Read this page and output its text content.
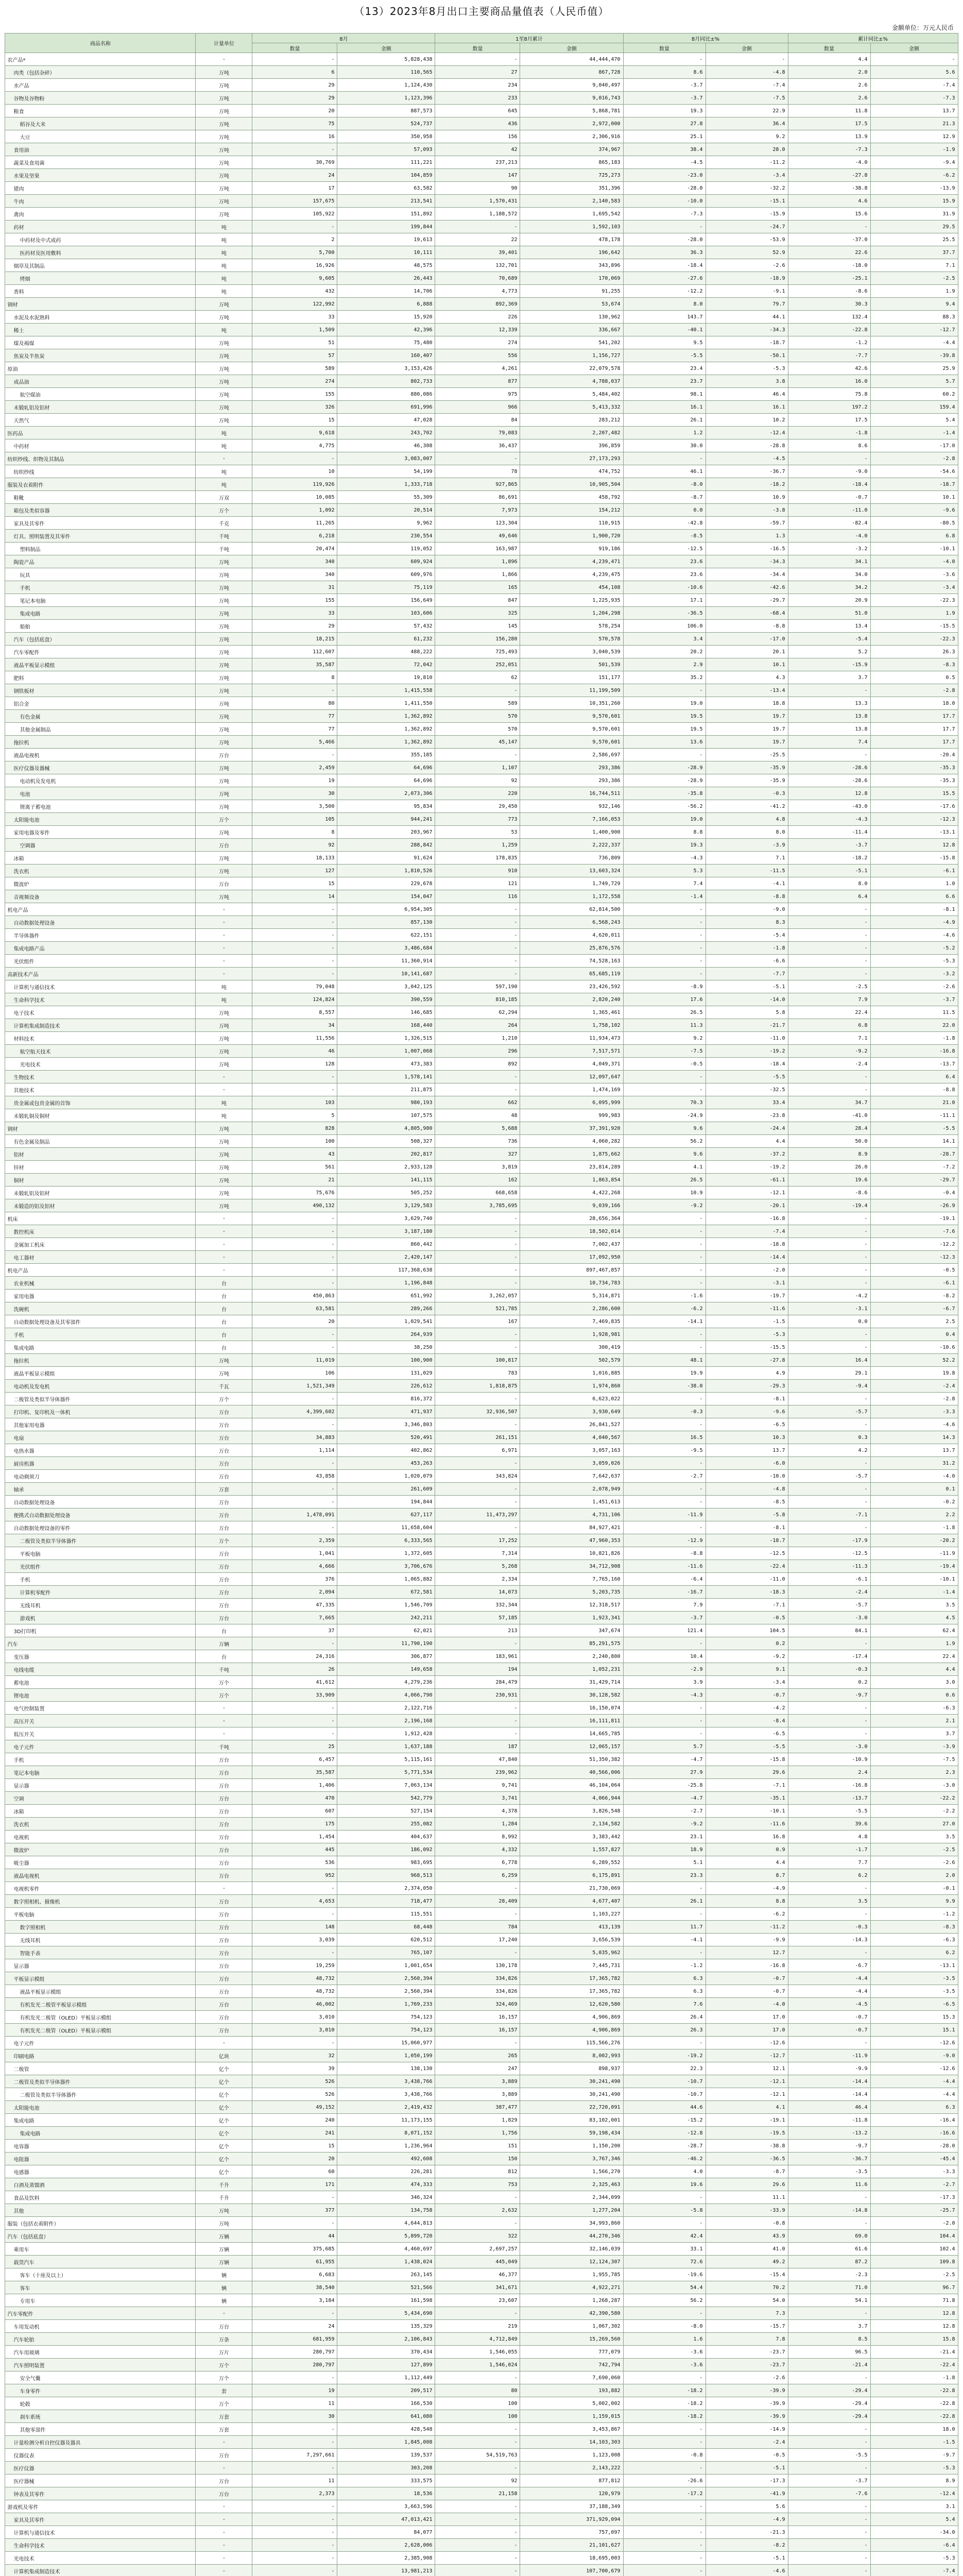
（13）2023年8月出口主要商品量值表（人民币值）
金额单位：万元人民币
商品名称	计量单位	8月		1至8月累计		8月同比±%		累计同比±%	
		数量	金额	数量	金额	数量	金额	数量	金额
农产品*	-	-	5,828,438	-	44,444,470	-	-	4.4	-
肉类（包括杂碎）	万吨	6	110,565	27	867,728	8.6	-4.8	2.0	5.6
水产品	万吨	29	1,124,430	234	9,040,497	-3.7	-7.4	2.6	-7.4
谷物及谷物粉	万吨	29	1,123,396	233	9,016,743	-3.7	-7.5	2.6	-7.3
粮食	万吨	20	887,573	645	5,868,781	19.3	22.9	11.8	13.7
稻谷及大米	万吨	75	524,737	436	2,972,000	27.8	36.4	17.5	21.3
大豆	万吨	16	350,958	156	2,306,916	25.1	9.2	13.9	12.9
食用油	万吨	-	57,093	42	374,967	38.4	28.0	-7.3	-1.9
蔬菜及食用菌	万吨	30,769	111,221	237,213	865,183	-4.5	-11.2	-4.0	-9.4
水果及坚果	万吨	24	104,859	147	725,273	-23.0	-3.4	-27.8	-6.2
猪肉	万吨	17	63,582	90	351,396	-28.0	-32.2	-38.8	-13.9
牛肉	万吨	157,675	213,541	1,570,431	2,140,583	-10.0	-15.1	4.6	15.9
禽肉	万吨	105,922	151,892	1,188,572	1,695,542	-7.3	-15.9	15.6	31.9
药材	吨	-	199,844	-	1,592,103	-	-24.7	-	29.5
中药材及中式成药	吨	2	19,613	22	478,178	-28.0	-53.9	-37.0	25.5
医药材及医用敷料	吨	5,700	10,111	39,401	196,642	36.3	52.9	22.6	37.7
烟草及其制品	吨	16,926	48,575	132,701	343,896	-18.4	-2.6	-18.0	7.1
烤烟	吨	9,605	26,443	70,689	170,069	-27.6	-18.9	-25.1	-2.5
香料	吨	432	14,706	4,773	91,255	-12.2	-9.1	-8.6	1.9
钢材	万吨	122,992	6,888	892,369	53,674	8.0	79.7	30.3	9.4
水泥及水泥熟料	万吨	33	15,920	226	130,962	143.7	44.1	132.4	88.3
稀土	吨	1,509	42,396	12,339	336,667	-40.1	-34.3	-22.8	-12.7
煤及褐煤	万吨	51	75,480	274	541,202	9.5	-18.7	-1.2	-4.4
焦炭及半焦炭	万吨	57	160,407	556	1,156,727	-5.5	-50.1	-7.7	-39.8
原油	万吨	589	3,153,426	4,261	22,079,578	23.4	-5.3	42.6	25.9
成品油	万吨	274	802,733	877	4,788,037	23.7	3.8	16.0	5.7
航空煤油	万吨	155	880,086	975	5,484,402	98.1	46.4	75.8	60.2
未锻轧铝及铝材	万吨	326	691,996	966	5,413,332	16.1	16.1	197.2	159.4
天然气	万吨	15	47,028	84	283,212	26.1	10.2	17.5	5.4
医药品	吨	9,618	243,702	79,083	2,207,482	1.2	-12.4	-1.8	-1.4
中药材	吨	4,775	46,308	36,437	396,859	30.0	-28.8	8.6	-17.0
纺织纱线、织物及其制品	-	-	3,083,007	-	27,173,293	-	-4.5	-	-2.8
纺织纱线	吨	10	54,199	78	474,752	46.1	-36.7	-9.0	-54.6
服装及衣着附件	吨	119,926	1,333,718	927,865	10,905,504	-8.0	-18.2	-18.4	-18.7
鞋靴	万双	10,085	55,309	86,691	458,792	-8.7	10.9	-0.7	10.1
箱包及类似容器	万个	1,092	20,514	7,973	154,212	0.0	-3.8	-11.0	-9.6
家具及其零件	千克	11,265	9,962	123,304	110,915	-42.8	-59.7	-82.4	-80.5
灯具、照明装置及其零件	千吨	6,218	230,554	49,646	1,900,720	-8.5	1.3	-4.0	6.8
塑料制品	千吨	20,474	119,052	163,987	919,186	-12.5	-16.5	-3.2	-10.1
陶瓷产品	万吨	340	609,924	1,896	4,239,471	23.6	-34.3	34.1	-4.0
玩具	万吨	340	609,976	1,866	4,239,475	23.6	-34.4	34.0	-3.6
手机	万吨	31	75,119	165	454,108	-10.6	-42.6	34.2	-3.4
笔记本电脑	万吨	155	156,649	847	1,225,935	17.1	-29.7	20.9	-22.3
集成电路	万吨	33	103,606	325	1,204,298	-36.5	-68.4	51.0	1.9
船舶	万吨	29	57,432	145	578,254	106.0	-8.8	13.4	-15.5
汽车（包括底盘）	万吨	18,215	61,232	156,280	570,578	3.4	-17.0	-5.4	-22.3
汽车零配件	万吨	112,607	488,222	725,493	3,040,539	20.2	20.1	5.2	26.3
液晶平板显示模组	万吨	35,587	72,042	252,051	501,539	2.9	10.1	-15.9	-8.3
肥料	万吨	8	19,810	62	151,177	35.2	4.3	3.7	0.5
钢铁板材	万吨	-	1,415,558	-	11,199,509	-	-13.4	-	-2.8
铝合金	万吨	80	1,411,550	589	10,351,260	19.0	18.8	13.3	18.0
有色金属	万吨	77	1,362,892	570	9,570,601	19.5	19.7	13.8	17.7
其他金属制品	万吨	77	1,362,892	570	9,570,601	19.5	19.7	13.8	17.7
拖拉机	万吨	5,466	1,362,892	45,147	9,570,601	13.6	19.7	7.4	17.7
液晶电视机	万台	-	355,185	-	2,586,697	-	-25.5	-	-20.4
医疗仪器及器械	万吨	2,459	64,696	1,107	293,386	-28.9	-35.9	-28.6	-35.3
电动机及发电机	万吨	19	64,696	92	293,386	-28.9	-35.9	-28.6	-35.3
电池	万吨	30	2,073,306	220	16,744,511	-35.8	-0.3	12.8	15.5
锂离子蓄电池	万吨	3,500	95,834	29,450	932,146	-56.2	-41.2	-43.0	-17.6
太阳能电池	万个	105	944,241	773	7,166,053	19.0	4.8	-4.3	-12.3
家用电器及零件	万吨	8	203,967	53	1,400,900	8.8	8.0	-11.4	-13.1
空调器	万台	92	288,842	1,259	2,222,337	19.3	-3.9	-3.7	12.8
冰箱	万吨	18,133	91,624	178,835	736,809	-4.3	7.1	-18.2	-15.8
洗衣机	万吨	127	1,810,526	910	13,603,324	5.3	-11.5	-5.1	-6.1
微波炉	万台	15	229,678	121	1,749,729	7.4	-4.1	8.0	1.0
音视频设备	万吨	14	154,047	116	1,172,558	-1.4	-8.8	6.4	6.6
机电产品	-	-	6,954,305	-	62,814,500	-	-9.0	-	-8.1
自动数据处理设备	-	-	857,130	-	6,568,243	-	8.3	-	-4.9
半导体器件	-	-	622,151	-	4,620,011	-	-5.4	-	-4.6
集成电路产品	-	-	3,486,684	-	25,876,576	-	-1.8	-	-5.2
光伏组件	-	-	11,360,914	-	74,528,163	-	-6.6	-	-5.3
高新技术产品	-	-	10,141,687	-	65,685,119	-	-7.7	-	-3.2
计算机与通信技术	吨	79,048	3,042,125	597,190	23,426,592	-8.9	-5.1	-2.5	-2.6
生命科学技术	吨	124,824	390,559	810,185	2,820,240	17.6	-14.0	7.9	-3.7
电子技术	万吨	8,557	146,685	62,294	1,365,461	26.5	5.8	22.4	11.5
计算机集成制造技术	万吨	34	168,440	264	1,758,102	11.3	-21.7	6.8	22.0
材料技术	万吨	11,556	1,326,515	1,210	11,934,473	9.2	-11.0	7.1	-1.8
航空航天技术	万吨	46	1,007,068	296	7,517,571	-7.5	-19.2	-9.2	-16.8
光电技术	万吨	128	473,383	892	4,049,371	-0.5	-18.4	-2.4	-13.7
生物技术	-	-	1,578,141	-	12,097,647	-	-5.5	-	6.4
其他技术	-	-	211,875	-	1,474,169	-	-32.5	-	-8.8
贵金属或包贵金属的首饰	吨	103	980,193	662	6,095,999	70.3	33.4	34.7	21.0
未锻轧铜及铜材	吨	5	107,575	48	999,983	-24.9	-23.8	-41.0	-11.1
钢材	万吨	828	4,805,980	5,688	37,391,920	9.6	-24.4	28.4	-5.5
有色金属及制品	万吨	100	508,327	736	4,060,282	56.2	4.4	50.0	14.1
铝材	万吨	43	202,817	327	1,875,662	9.6	-37.2	8.9	-28.7
锌材	万吨	561	2,933,128	3,819	23,814,289	4.1	-19.2	26.0	-7.2
铜材	万吨	21	141,115	162	1,863,854	26.5	-61.1	19.6	-29.7
未锻轧铝及铝材	万吨	75,676	505,252	668,658	4,422,268	10.9	-12.1	-8.6	-0.4
未锻造的铝及铝材	万吨	490,132	3,129,583	3,785,695	9,039,166	-9.2	-20.1	-19.4	-26.9
机床	-	-	3,629,740	-	28,656,364	-	-16.8	-	-19.1
数控机床	-	-	3,187,180	-	18,502,014	-	-7.4	-	-7.6
金属加工机床	-	-	860,442	-	7,002,437	-	-18.8	-	-12.2
电工器材	-	-	2,420,147	-	17,092,950	-	-14.4	-	-12.3
机电产品	-	-	117,368,638	-	897,467,857	-	-2.0	-	-0.5
农业机械	台	-	1,196,848	-	10,734,783	-	-3.1	-	-6.1
家用电器	台	450,863	651,992	3,262,057	5,314,871	-1.6	-19.7	-4.2	-8.2
洗碗机	台	63,581	289,266	521,785	2,286,600	-6.2	-11.6	-3.1	-6.7
自动数据处理设备及其零部件	台	20	1,029,541	167	7,469,835	-14.1	-1.5	0.0	2.5
手机	台	-	264,939	-	1,928,981	-	-5.3	-	0.4
集成电路	台	-	38,250	-	300,419	-	-15.5	-	-10.6
拖拉机	万吨	11,019	100,900	100,817	502,579	48.1	-27.8	16.4	52.2
液晶平板显示模组	万吨	106	131,029	783	1,016,885	19.9	4.9	29.1	19.8
电动机及发电机	千瓦	1,521,349	226,612	1,818,875	1,974,860	-38.0	-29.3	-9.4	-2.4
二极管及类似半导体器件	万个	-	816,372	-	6,623,022	-	-8.1	-	-2.8
打印机、复印机及一体机	万台	4,399,602	471,937	32,936,507	3,930,649	-0.3	-9.6	-5.7	-3.3
其他家用电器	万台	-	3,346,803	-	26,841,527	-	-6.5	-	-4.6
电扇	万台	34,883	520,491	261,151	4,040,567	16.5	10.3	0.3	14.3
电热水器	万台	1,114	402,862	6,971	3,057,163	-9.5	13.7	4.2	13.7
厨房机器	万台	-	453,263	-	3,059,026	-	-6.0	-	31.2
电动剃须刀	万台	43,858	1,020,079	343,824	7,642,637	-2.7	-10.0	-5.7	-4.0
轴承	万套	-	261,609	-	2,078,949	-	-4.8	-	0.1
自动数据处理设备	万台	-	194,844	-	1,451,613	-	-8.5	-	-0.2
便携式自动数据处理设备	万台	1,478,091	627,117	11,473,297	4,731,106	-11.9	-5.8	-7.1	2.2
自动数据处理设备的零件	万台	-	11,658,604	-	84,927,421	-	-8.1	-	-1.8
二极管及类似半导体器件	万个	2,359	6,333,565	17,252	47,960,353	-12.9	-18.7	-17.9	-20.2
平板电脑	万台	1,041	1,372,605	7,314	10,821,826	-8.8	-12.5	-12.5	-11.9
光伏组件	万台	4,666	3,706,676	5,268	34,712,908	-11.6	-22.4	-11.3	-19.4
手机	万台	376	1,065,882	2,334	7,765,160	-6.4	-11.0	-6.1	-10.1
计算机零配件	万台	2,094	672,581	14,073	5,203,735	-16.7	-18.3	-2.4	-1.4
无线耳机	万台	47,335	1,546,709	332,344	12,318,517	7.9	-7.1	-5.7	3.5
游戏机	万台	7,665	242,211	57,185	1,923,341	-3.7	-0.5	-3.0	4.5
3D打印机	台	37	62,021	213	347,674	121.4	104.5	84.1	62.4
汽车	万辆	-	11,790,190	-	85,291,575	-	0.2	-	1.9
变压器	台	24,316	306,877	183,961	2,240,800	10.4	-9.2	-17.4	22.4
电线电缆	千吨	26	149,658	194	1,052,231	-2.9	9.1	-0.3	4.4
蓄电池	万个	41,612	4,279,236	284,479	31,429,714	3.9	-3.4	0.2	3.0
锂电池	万个	33,909	4,066,790	230,931	30,128,582	-4.3	-0.7	-9.7	0.6
电气控制装置	-	-	2,122,716	-	16,150,074	-	-4.2	-	-6.3
高压开关	-	-	2,196,168	-	16,111,811	-	-8.4	-	2.1
低压开关	-	-	1,912,428	-	14,665,785	-	-6.5	-	3.7
电子元件	千吨	25	1,637,188	187	12,065,157	5.7	-5.5	-3.0	-3.9
手机	万台	6,457	5,115,161	47,840	51,350,382	-4.7	-15.8	-10.9	-7.5
笔记本电脑	万台	35,587	5,771,534	239,962	40,566,006	27.9	29.6	2.4	2.3
显示器	万台	1,406	7,063,134	9,741	46,104,064	-25.8	-7.1	-16.8	-3.0
空调	万台	470	542,779	3,741	4,066,944	-4.7	-35.1	-13.7	-22.2
冰箱	万台	607	527,154	4,378	3,826,548	-2.7	-10.1	-5.5	-2.2
洗衣机	万台	175	255,082	1,284	2,134,582	-9.2	-11.6	39.6	27.0
电视机	万台	1,454	404,637	8,992	3,383,442	23.1	16.8	4.8	3.5
微波炉	万台	445	186,092	4,332	1,557,827	18.9	0.9	-1.7	-2.5
吸尘器	万台	536	983,695	6,778	6,289,552	5.1	4.4	7.7	-2.6
液晶电视机	万台	952	968,513	6,259	6,175,891	23.3	8.7	6.2	2.0
电视机零件	-	-	2,374,050	-	21,730,069	-	-4.9	-	-0.1
数字照相机、摄像机	万台	4,653	718,477	28,409	4,677,407	26.1	8.8	3.5	9.9
平板电脑	万台	-	115,551	-	1,103,227	-	-6.2	-	-1.2
数字照相机	万台	148	68,448	784	413,139	11.7	-11.2	-0.3	-8.3
无线耳机	万台	3,039	620,512	17,240	3,656,539	-4.1	-9.9	-14.3	-6.3
智能手表	万台	-	765,107	-	5,035,962	-	12.7	-	6.2
显示器	万台	19,259	1,001,654	130,178	7,445,731	-1.2	-16.8	-6.7	-13.1
平板显示模组	万台	48,732	2,560,394	334,826	17,365,782	6.3	-0.7	-4.4	-3.5
液晶平板显示模组	万台	48,732	2,560,394	334,826	17,365,782	6.3	-0.7	-4.4	-3.5
有机发光二极管平板显示模组	万台	46,002	1,769,233	324,469	12,620,580	7.6	-4.0	-4.5	-6.5
有机发光二极管（OLED）平板显示模组	万台	3,010	754,123	16,157	4,906,869	26.4	17.0	-0.7	15.3
有机发光二极管（OLED）平板显示模组	万台	3,010	754,123	16,157	4,906,869	26.3	17.0	-0.7	15.1
电子元件	-	-	15,060,977	-	115,566,276	-	-12.6	-	-12.6
印刷电路	亿块	32	1,050,199	265	8,002,993	-19.2	-12.7	-11.9	-9.0
二极管	亿个	39	138,130	247	898,937	22.3	12.1	-9.9	-12.6
二极管及类似半导体器件	亿个	526	3,438,766	3,889	30,241,490	-10.7	-12.1	-14.4	-4.4
二极管及类似半导体器件	亿个	526	3,438,766	3,889	30,241,490	-10.7	-12.1	-14.4	-4.4
太阳能电池	亿个	49,152	2,419,432	387,477	22,720,091	44.6	4.1	46.4	6.3
集成电路	亿个	240	11,173,155	1,829	83,102,001	-15.2	-19.1	-11.8	-16.4
集成电路	亿个	241	8,071,152	1,756	59,198,434	-12.8	-19.5	-13.2	-16.6
电容器	亿个	15	1,236,964	151	1,150,200	-28.7	-38.8	-9.7	-28.0
电阻器	亿个	20	492,608	150	3,767,346	-46.2	-36.5	-36.7	-45.4
电感器	亿个	60	226,281	812	1,566,270	4.0	-8.7	-3.5	-3.3
白酒及蒸馏酒	千升	171	474,333	753	2,325,463	19.6	29.6	11.6	-2.7
食品及饮料	千升	-	346,324	-	2,344,099	-	11.1	-	-17.3
其他	万吨	377	134,758	2,632	1,277,204	-5.8	-33.9	-14.8	-25.7
服装（包括衣着附件）	万吨	-	4,644,813	-	34,993,860	-	-0.8	-	-2.0
汽车（包括底盘）	万辆	44	5,899,720	322	44,270,346	42.4	43.9	69.0	104.4
乘用车	万辆	375,685	4,460,697	2,697,257	32,146,039	33.1	41.0	61.6	102.4
载货汽车	万辆	61,955	1,438,024	445,049	12,124,307	72.6	49.2	87.2	109.8
客车（十座及以上）	辆	6,683	263,145	46,377	1,955,785	-19.6	-15.4	-2.3	-2.5
客车	辆	38,540	521,566	341,671	4,922,271	54.4	70.2	71.0	96.7
专用车	辆	3,184	161,598	23,607	1,268,287	56.2	54.0	54.1	71.8
汽车零配件	-	-	5,434,690	-	42,390,580	-	7.3	-	12.8
车用发动机	万台	24	135,329	219	1,067,302	-8.0	-15.7	3.7	12.8
汽车轮胎	万条	681,959	2,106,843	4,712,849	15,269,560	1.6	7.8	8.5	15.8
汽车用玻璃	万片	280,797	370,434	1,546,055	777,079	-3.6	-23.7	96.5	-21.4
汽车照明装置	万个	280,797	127,899	1,546,024	742,794	-3.6	-23.7	-21.4	-22.4
安全气囊	万个	-	1,112,449	-	7,690,060	-	-2.6	-	-1.8
车身零件	套	19	209,517	80	193,882	-18.2	-39.9	-29.4	-22.8
轮毂	万个	11	166,530	100	5,002,002	-18.2	-39.9	-29.4	-22.8
刹车系统	万套	30	641,080	100	1,159,015	-18.2	-39.9	-29.4	-22.8
其他零部件	万套	-	428,548	-	3,453,867	-	-14.9	-	18.0
计量检测分析自控仪器及器具	-	-	1,845,008	-	14,103,303	-	-2.4	-	-1.5
仪器仪表	万台	7,297,661	139,537	54,519,763	1,123,008	-0.8	-0.5	-5.5	-9.7
医疗仪器	-	-	303,208	-	2,143,222	-	-5.1	-	-5.3
医疗器械	万台	11	333,575	92	877,812	-26.6	-17.3	-3.7	8.9
钟表及其零件	万台	2,373	18,536	21,158	120,979	-17.2	-41.9	-7.6	-12.4
游戏机及零件	-	-	3,663,596	-	37,188,349	-	5.6	-	3.1
家具及其零件	-	-	47,013,421	-	371,929,094	-	-4.9	-	5.4
计算机与通信技术	-	-	84,077	-	757,097	-	-21.3	-	-34.0
生命科学技术	-	-	2,628,006	-	21,101,627	-	-8.2	-	-6.4
光电技术	-	-	2,385,908	-	18,695,003	-	-5.1	-	-5.3
计算机集成制造技术	-	-	13,981,213	-	107,700,679	-	-4.6	-	-7.4
